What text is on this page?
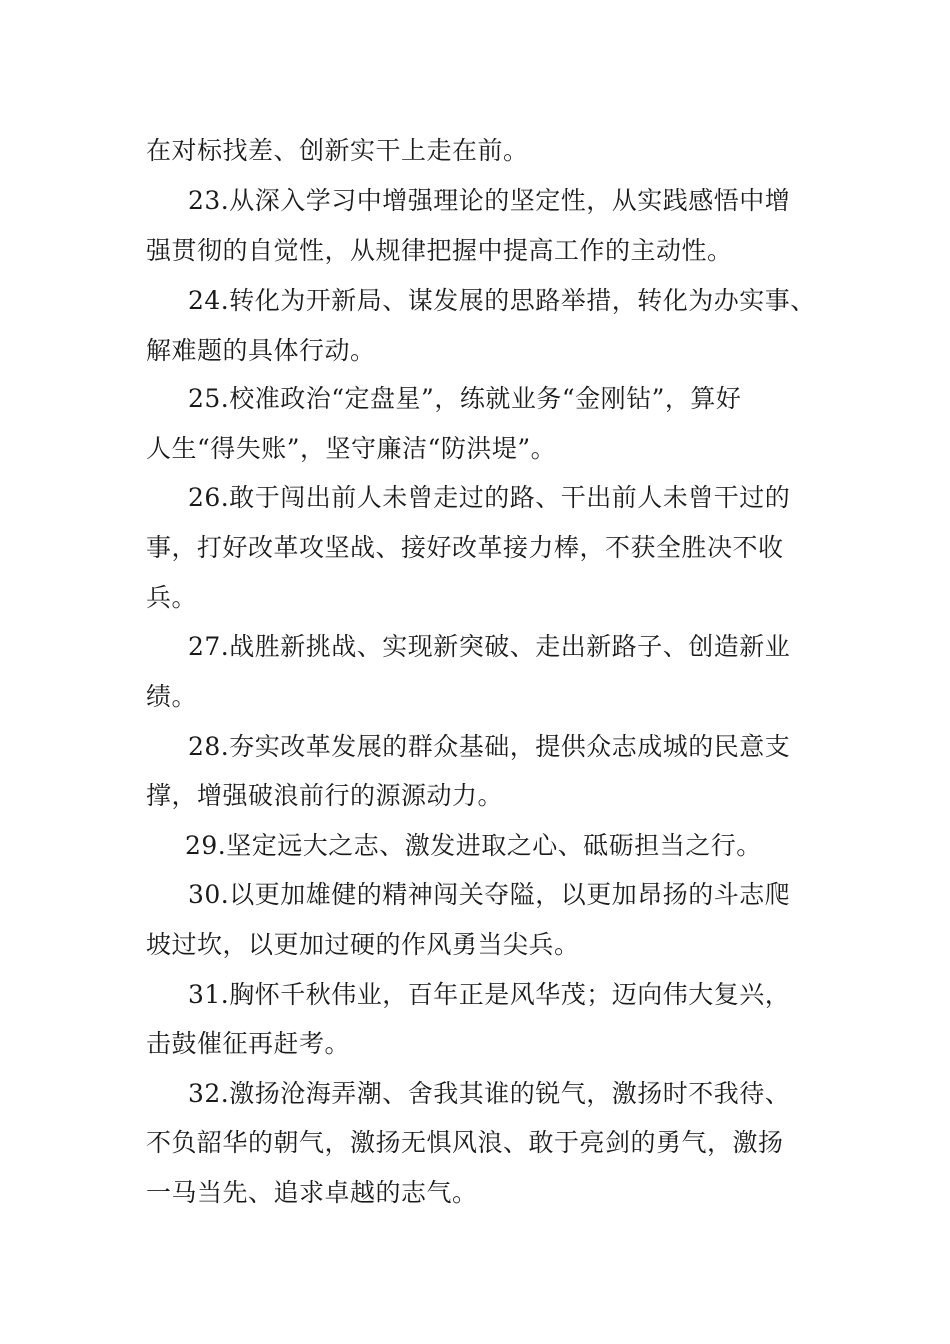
在对标找差、创新实干上走在前。
23.从深入学习中增强理论的坚定性，从实践感悟中增
强贯彻的自觉性，从规律把握中提高工作的主动性。
24.转化为开新局、谋发展的思路举措，转化为办实事、
解难题的具体行动。
25.校准政治“定盘星”，练就业务“金刚钻”，算好
人生“得失账”，坚守廉洁“防洪堤”。
26.敢于闯出前人未曾走过的路、干出前人未曾干过的
事，打好改革攻坚战、接好改革接力棒，不获全胜决不收
兵。
27.战胜新挑战、实现新突破、走出新路子、创造新业
绩。
28.夯实改革发展的群众基础，提供众志成城的民意支
撑，增强破浪前行的源源动力。
29.坚定远大之志、激发进取之心、砥砺担当之行。
30.以更加雄健的精神闯关夺隘，以更加昂扬的斗志爬
坡过坎，以更加过硬的作风勇当尖兵。
31.胸怀千秋伟业，百年正是风华茂；迈向伟大复兴，
击鼓催征再赶考。
32.激扬沧海弄潮、舍我其谁的锐气，激扬时不我待、
不负韶华的朝气，激扬无惧风浪、敢于亮剑的勇气，激扬
一马当先、追求卓越的志气。
